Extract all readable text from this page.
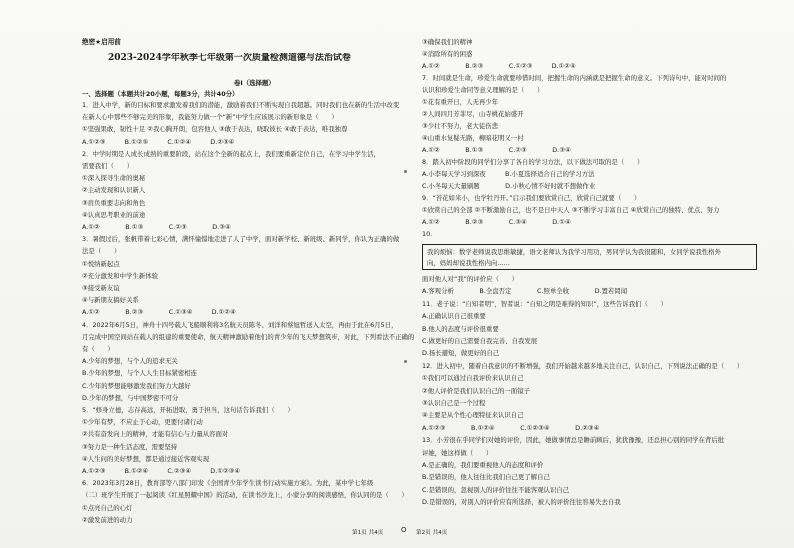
绝密★启用前
2023-2024学年秋季七年级第一次质量检测道德与法治试卷
卷I（选择题）
一、选择题（本题共计20小题，每题3分，共计40分）
1．进入中学，新的目标和要求激发着我们的潜能，激励着我们不断实现自我超越。同时我们也在新的生活中改变
在新人心中那些不够完美的形象，我能努力做一个“新”中学生应该展示的新形象是（　　）
①坚强果敢，韧性十足 ②我心胸开朗，包容他人 ③敢于表达，晓取彼长 ④敢于表达，唯我独尊
A.①②③　　　B.①②⑤　　　C.①②④　　　D.②③④
2．中学时期是人成长成熟的重要阶段，站在这个全新的起点上，我们要重新定位自己，在学习中学生活，
需要我们（　　）
①深入探寻生命的奥秘
②主动发现和认识新人
③肩负重要志向和角色
④认真思考职业的前途
A.①②　　　　B.①③　　　　C.②③　　　　D.③④
3．暑假过后，张帆带着七彩心情，满怀憧憬地走进了人了中学，面对新学校、新班级、新同学，你认为正确的做
法是（　　）
①悦纳新起点
②充分激发和中学生新体验
③接受新友谊
④与新朋友搞好关系
A.①②　　　　B.②③　　　　C.①③④　　　D.①②④
4．2022年6月5日，神舟十四号载人飞船顺利将3名航天员陈冬、刘洋和蔡旭哲送入太空，再由于此在6月5日，
月完成中国空间站在载人的组建的重要使命，航天精神激励着他们的青少年的飞天梦想筑步，对此，下列看法不正确的
有（　　）
A.少年的梦想，与个人的追求无关
B.少年的梦想，与个人人生目标紧密相连
C.少年的梦想能够激发我们努力大越好
D.少年的梦想，与中国梦密不可分
5．“修身立德，志存高远，开拓进取，勇于担当，这句话告诉我们（　　）
①少年有梦，不应止于心动，更要付诸行动
②共有奋发向上的精神，才能有信心与力量从容面对
③努力是一种生活态度，需要坚持
④人生问的美好梦想，都是通过接近客观实现
A.①②③　　　B.①②④　　　C.②③④　　　D.①②③④
6．2023年3月28日，教育部等八部门印发《全国青少年学生读书行动实施方案》。为此，某中学七年级
（二）班学生开展了一起阅读《红星照耀中国》的活动，在读书沙龙上，小蒙分享的阅读感悟，你认同的是（　　）
①点亮自己的心灯
②激发前进的动力
③确保我们的精神
④消除所有的困惑
A.①②　　　　B.②③　　　　C.①②③　　　D.①②④
7．时间就是生命，珍爱生命就要珍惜时间，把握生命的内涵就是把握生命的意义。下列诗句中，能对时间的
认识和珍爱生命同等意义理解的是（　　）
①花有重开日，人无再少年
②人间四月芳菲尽，山寺桃花始盛开
③少壮不努力，老大徒伤悲
④山重水复疑无路，柳暗花明又一村
A.①②　　　　B.①③　　　　C.②③　　　　D.③④
8．踏入初中阶段的同学们分享了各自的学习方法，以下做法可取的是（　　）
A.小李每天学习到深夜　　　B.小夏选择适合自己的学习方法
C.小冬每天大量刷题　　　　D.小秋心情不好时就不想做作业
9．“苔花如米小，也学牡丹开。”启示我们要欣赏自己，欣赏自己就要（　　）
①欣赏自己的全部 ②不断激励自己，也不是日中天人 ③不断学习丰富自己 ④欣赏自己的独特、优点、努力
A.①②　　　　B.②③　　　　C.③④　　　　D.①④
10.
我的烦恼：数学老师说我思维敏捷，语文老师认为我学习用功，男同学认为我很随和，女同学说我性格外
向，妈妈却说我性格内向……
面对他人对“我”的评价应（　　）
A.客观分析　　　　B.全盘否定　　　　C.照单全收　　　　D.置若罔闻
11．老子说：“自知者明”，智者说：“自知之明是难得的知识”，这些告诉我们（　　）
A.正确认识自己很重要
B.他人的态度与评价很重要
C.做更好的自己需要自我完善、自我发展
D.扬长避短，做更好的自己
12．进入初中，随着自我意识的不断增强，我们开始越来越多地关注自己，认识自己，下列说法正确的是（　　）
①我们可以通过自我评价来认识自己
②他人评价是我们认识自己的一面镜子
③认识自己是一个过程
④主要是从个性心理特征来认识自己
A.①②③　　　　B.①②④　　　　C.①②③④　　　　D.②③④
13．小芳很在乎同学们对她的评价，因此，她做事情总是瞻前顾后，犹犹豫豫，还总担心别的同学在背后批
评她，她这样做（　　）
A.是正确的，我们要重视他人的态度和评价
B.是错误的，他人往往比我们自己更了解自己
C.是错误的，忽视别人的评价往往不能客观认识自己
D.是错误的，对别人的评价应有所选择，被人的评价往往容易失去自我
第1页 共4页	O 第2页 共4页
